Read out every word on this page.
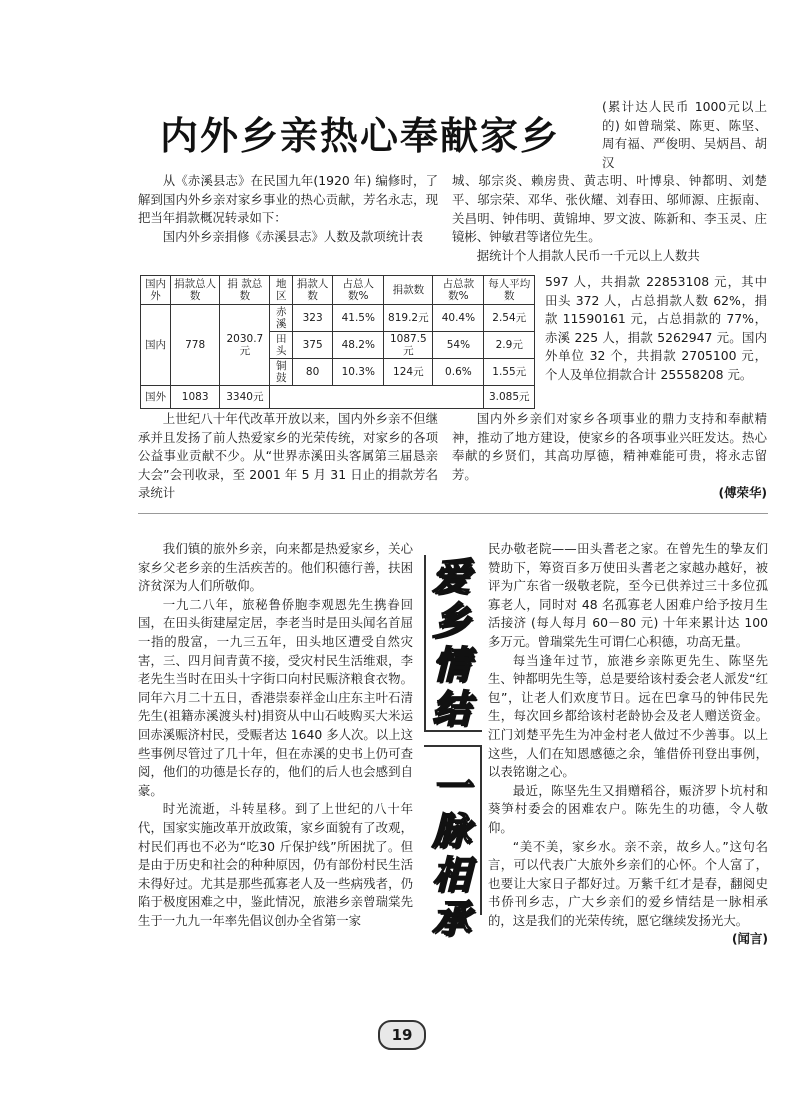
内外乡亲热心奉献家乡

(累计达人民币 1000元以上的) 如曾瑞棠、陈更、陈坚、周有福、严俊明、吴炳昌、胡汉

城、邬宗炎、赖房贵、黄志明、叶博泉、钟都明、刘楚平、邬宗荣、邓华、张伙耀、刘春田、邬师源、庄振南、关昌明、钟伟明、黄锦坤、罗文波、陈新和、李玉灵、庄镜彬、钟敏君等诸位先生。

据统计个人捐款人民币一千元以上人数共

从《赤溪县志》在民国九年(1920 年) 编修时，了解到国内外乡亲对家乡事业的热心贡献，芳名永志，现把当年捐款概况转录如下：

国内外乡亲捐修《赤溪县志》人数及款项统计表

国内外	捐款总人数	捐 款总 数	地区	捐款人数	占总人数%	捐款数	占总款数%	每人平均数
国内	778	2030.7元	赤溪	323	41.5%	819.2元	40.4%	2.54元
			田头	375	48.2%	1087.5元	54%	2.9元
			铜鼓	80	10.3%	124元	0.6%	1.55元
国外	1083	3340元						3.085元

597 人，共捐款 22853108 元，其中田头 372 人，占总捐款人数 62%，捐款 11590161 元，占总捐款的 77%，赤溪 225 人，捐款 5262947 元。国内外单位 32 个，共捐款 2705100 元，个人及单位捐款合计 25558208 元。

上世纪八十年代改革开放以来，国内外乡亲不但继承并且发扬了前人热爱家乡的光荣传统，对家乡的各项公益事业贡献不少。从“世界赤溪田头客属第三届恳亲大会”会刊收录，至 2001 年 5 月 31 日止的捐款芳名录统计

国内外乡亲们对家乡各项事业的鼎力支持和奉献精神，推动了地方建设，使家乡的各项事业兴旺发达。热心奉献的乡贤们，其高功厚德，精神难能可贵，将永志留芳。

(傅荣华)

我们镇的旅外乡亲，向来都是热爱家乡，关心家乡父老乡亲的生活疾苦的。他们积德行善，扶困济贫深为人们所敬仰。

一九二八年，旅秘鲁侨胞李观恩先生携眷回国，在田头街建屋定居，李老当时是田头闻名首屈一指的殷富，一九三五年，田头地区遭受自然灾害，三、四月间青黄不接，受灾村民生活维艰，李老先生当时在田头十字街口向村民赈济粮食衣物。同年六月二十五日，香港崇泰祥金山庄东主叶石清先生(祖籍赤溪渡头村)捐资从中山石岐购买大米运回赤溪赈济村民，受赈者达 1640 多人次。以上这些事例尽管过了几十年，但在赤溪的史书上仍可查阅，他们的功德是长存的，他们的后人也会感到自豪。

时光流逝，斗转星移。到了上世纪的八十年代，国家实施改革开放政策，家乡面貌有了改观，村民们再也不必为“吃30 斤保护线”所困扰了。但是由于历史和社会的种种原因，仍有部份村民生活未得好过。尤其是那些孤寡老人及一些病残者，仍陷于极度困难之中，鉴此情况，旅港乡亲曾瑞棠先生于一九九一年率先倡议创办全省第一家

爱
乡
情
结
一
脉
相
承

民办敬老院——田头耆老之家。在曾先生的挚友们赞助下，筹资百多万使田头耆老之家越办越好，被评为广东省一级敬老院，至今已供养过三十多位孤寡老人，同时对 48 名孤寡老人困难户给予按月生活接济 (每人每月 60－80 元) 十年来累计达 100 多万元。曾瑞棠先生可谓仁心积德，功高无量。

每当逢年过节，旅港乡亲陈更先生、陈坚先生、钟都明先生等，总是要给该村委会老人派发“红包”，让老人们欢度节日。远在巴拿马的钟伟民先生，每次回乡都给该村老龄协会及老人赠送资金。江门刘楚平先生为冲金村老人做过不少善事。以上这些，人们在知恩感德之余，雏借侨刊登出事例，以表铭谢之心。

最近，陈坚先生又捐赠稻谷，赈济罗卜坑村和葵笋村委会的困难农户。陈先生的功德，令人敬仰。

“美不美，家乡水。亲不亲，故乡人。”这句名言，可以代表广大旅外乡亲们的心怀。个人富了，也要让大家日子都好过。万紫千红才是春，翻阅史书侨刊乡志，广大乡亲们的爱乡情结是一脉相承的，这是我们的光荣传统，愿它继续发扬光大。

(闻言)

19
